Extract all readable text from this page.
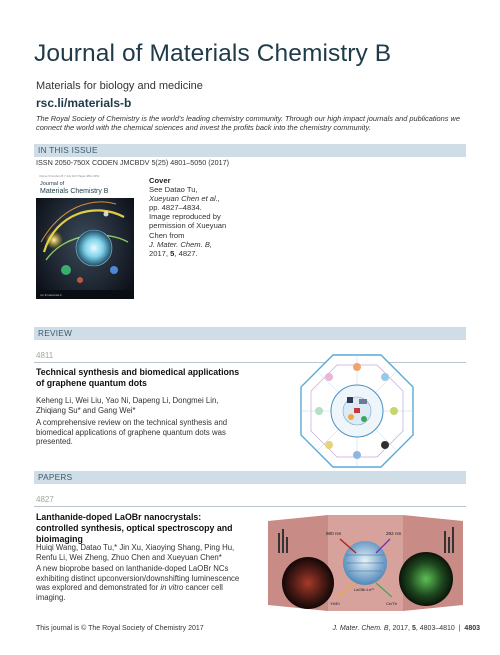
Journal of Materials Chemistry B
Materials for biology and medicine
rsc.li/materials-b
The Royal Society of Chemistry is the world's leading chemistry community. Through our high impact journals and publications we connect the world with the chemical sciences and invest the profits back into the chemistry community.
IN THIS ISSUE
ISSN 2050-750X CODEN JMCBDV 5(25) 4801–5050 (2017)
Volume 5 Number 25 7 July 2017 Pages 4801–5050
Journal of
Materials Chemistry B
rsc.li/materials-b
Cover
See Datao Tu,
Xueyuan Chen et al.,
pp. 4827–4834.
Image reproduced by permission of Xueyuan Chen from
J. Mater. Chem. B,
2017, 5, 4827.
REVIEW
4811
Technical synthesis and biomedical applications of graphene quantum dots
Keheng Li, Wei Liu, Yao Ni, Dapeng Li, Dongmei Lin, Zhiqiang Su* and Gang Wei*
A comprehensive review on the technical synthesis and biomedical applications of graphene quantum dots was presented.
PAPERS
4827
Lanthanide-doped LaOBr nanocrystals: controlled synthesis, optical spectroscopy and bioimaging
Huiqi Wang, Datao Tu,* Jin Xu, Xiaoying Shang, Ping Hu, Renfu Li, Wei Zheng, Zhuo Chen and Xueyuan Chen*
A new bioprobe based on lanthanide-doped LaOBr NCs exhibiting distinct upconversion/downshifting luminescence was explored and demonstrated for in vitro cancer cell imaging.
980 nm	292 nm
LaOBr:Ln³⁺
Yb/Er	Ce/Tb
This journal is © The Royal Society of Chemistry 2017	J. Mater. Chem. B, 2017, 5, 4803–4810 | 4803
